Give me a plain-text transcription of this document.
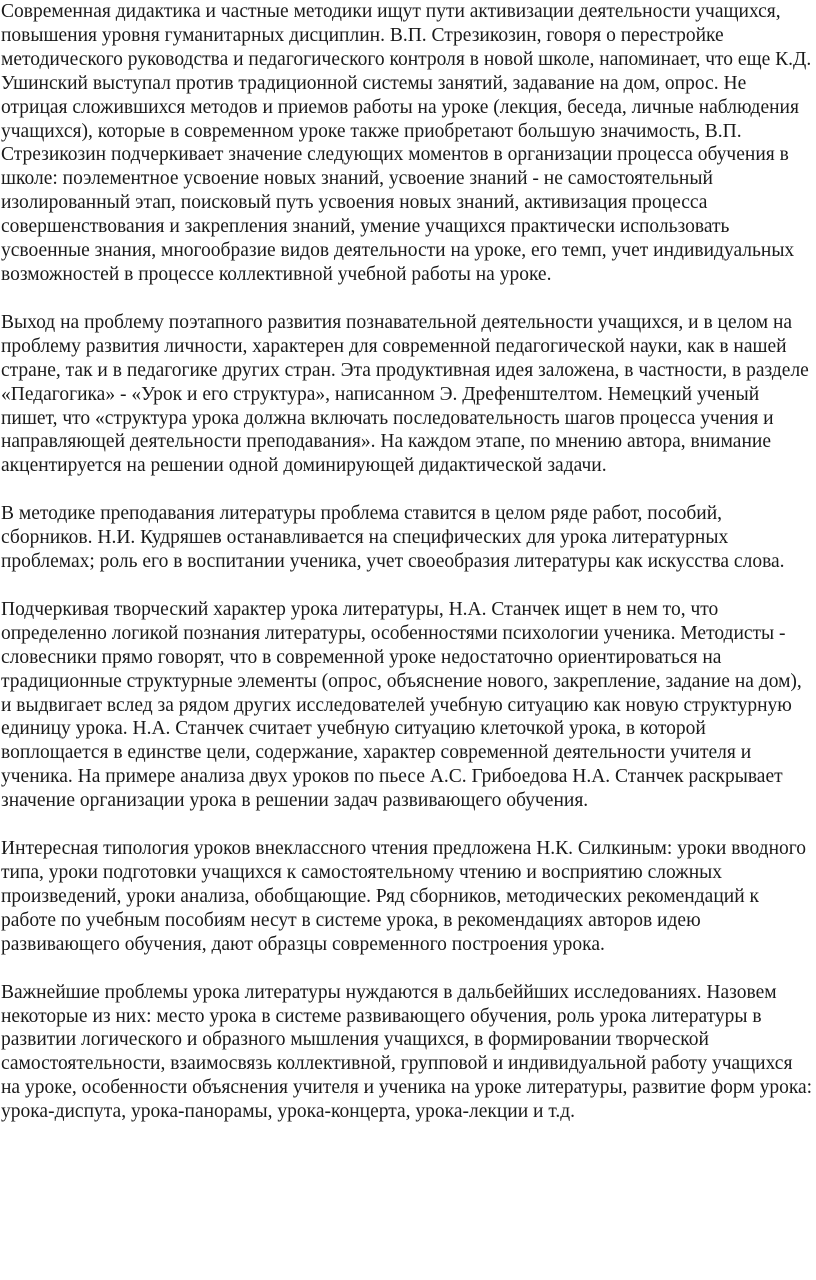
Современная дидактика и частные методики ищут пути активизации деятельности учащихся, повышения уровня гуманитарных дисциплин. В.П. Стрезикозин, говоря о перестройке методического руководства и педагогического контроля в новой школе, напоминает, что еще К.Д. Ушинский выступал против традиционной системы занятий, задавание на дом, опрос. Не отрицая сложившихся методов и приемов работы на уроке (лекция, беседа, личные наблюдения учащихся), которые в современном уроке также приобретают большую значимость, В.П. Стрезикозин подчеркивает значение следующих моментов в организации процесса обучения в школе: поэлементное усвоение новых знаний, усвоение знаний - не самостоятельный изолированный этап, поисковый путь усвоения новых знаний, активизация процесса совершенствования и закрепления знаний, умение учащихся практически использовать усвоенные знания, многообразие видов деятельности на уроке, его темп, учет индивидуальных возможностей в процессе коллективной учебной работы на уроке.

Выход на проблему поэтапного развития познавательной деятельности учащихся, и в целом на проблему развития личности, характерен для современной педагогической науки, как в нашей стране, так и в педагогике других стран. Эта продуктивная идея заложена, в частности, в разделе «Педагогика» - «Урок и его структура», написанном Э. Дрефенштелтом. Немецкий ученый пишет, что «структура урока должна включать последовательность шагов процесса учения и направляющей деятельности преподавания». На каждом этапе, по мнению автора, внимание акцентируется на решении одной доминирующей дидактической задачи.

В методике преподавания литературы проблема ставится в целом ряде работ, пособий, сборников. Н.И. Кудряшев останавливается на специфических для урока литературных проблемах; роль его в воспитании ученика, учет своеобразия литературы как искусства слова.

Подчеркивая творческий характер урока литературы, Н.А. Станчек ищет в нем то, что определенно логикой познания литературы, особенностями психологии ученика. Методисты - словесники прямо говорят, что в современной уроке недостаточно ориентироваться на традиционные структурные элементы (опрос, объяснение нового, закрепление, задание на дом), и выдвигает вслед за рядом других исследователей учебную ситуацию как новую структурную единицу урока. Н.А. Станчек считает учебную ситуацию клеточкой урока, в которой воплощается в единстве цели, содержание, характер современной деятельности учителя и ученика. На примере анализа двух уроков по пьесе А.С. Грибоедова Н.А. Станчек раскрывает значение организации урока в решении задач развивающего обучения.

Интересная типология уроков внеклассного чтения предложена Н.К. Силкиным: уроки вводного типа, уроки подготовки учащихся к самостоятельному чтению и восприятию сложных произведений, уроки анализа, обобщающие. Ряд сборников, методических рекомендаций к работе по учебным пособиям несут в системе урока, в рекомендациях авторов идею развивающего обучения, дают образцы современного построения урока.

Важнейшие проблемы урока литературы нуждаются в дальбеййших исследованиях. Назовем некоторые из них: место урока в системе развивающего обучения, роль урока литературы в развитии логического и образного мышления учащихся, в формировании творческой самостоятельности, взаимосвязь коллективной, групповой и индивидуальной работу учащихся на уроке, особенности объяснения учителя и ученика на уроке литературы, развитие форм урока: урока-диспута, урока-панорамы, урока-концерта, урока-лекции и т.д.
